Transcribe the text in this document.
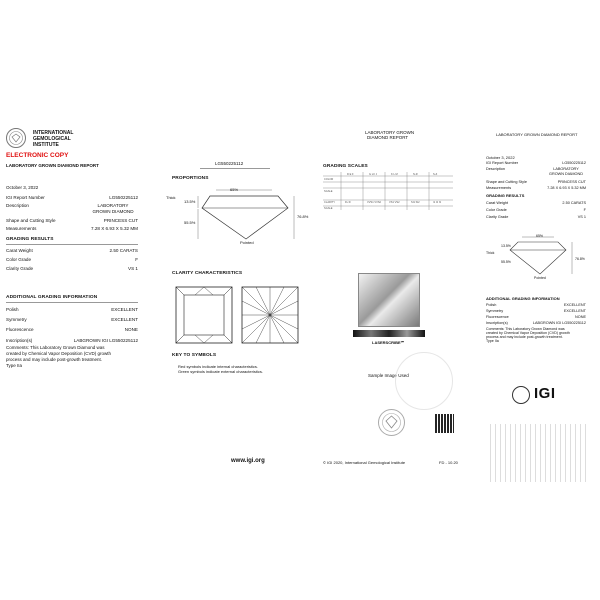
INTERNATIONAL
GEMOLOGICAL
INSTITUTE
ELECTRONIC COPY
LABORATORY GROWN DIAMOND REPORT
October 3, 2022
IGI Report Number	LG550225112
Description	LABORATORY GROWN DIAMOND
Shape and Cutting Style	PRINCESS CUT
Measurements	7.28 X 6.93 X 5.32 MM
GRADING RESULTS
Carat Weight	2.50 CARATS
Color Grade	F
Clarity Grade	VS 1
ADDITIONAL GRADING INFORMATION
Polish	EXCELLENT
Symmetry	EXCELLENT
Fluorescence	NONE
Inscription(s)	LABGROWN IGI LG550225112
Comments: This Laboratory Grown Diamond was
created by Chemical Vapor Deposition (CVD) growth
process and may include post-growth treatment.
Type IIa
LG550225112
PROPORTIONS
65%
13.5%
Thick
55.5%
76.8%
Pointed
CLARITY CHARACTERISTICS
KEY TO SYMBOLS
Red symbols indicate internal characteristics.
Green symbols indicate external characteristics.
www.igi.org
LABORATORY GROWN
DIAMOND REPORT
GRADING SCALES
COLOR
SCALE
CLARITY
SCALE
D E F	G H I J	K L M	N-R	S-Z
FL IF	VVS1 VVS2	VS1 VS2	SI1 SI2	I1 I2 I3
LASERSCRIBE℠
Sample Image Used
© IGI 2020, International Gemological Institute	FD - 10.20
LABORATORY GROWN DIAMOND REPORT
October 3, 2022
IGI Report Number	LG550225112
Description	LABORATORY GROWN DIAMOND
Shape and Cutting Style	PRINCESS CUT
Measurements	7.28 X 6.93 X 5.32 MM
GRADING RESULTS
Carat Weight	2.50 CARATS
Color Grade	F
Clarity Grade	VS 1
65%
13.5%
Thick
55.5%
76.8%
Pointed
ADDITIONAL GRADING INFORMATION
Polish	EXCELLENT
Symmetry	EXCELLENT
Fluorescence	NONE
Inscription(s)	LABGROWN IGI LG550225112
Comments: This Laboratory Grown Diamond was
created by Chemical Vapor Deposition (CVD) growth
process and may include post-growth treatment.
Type IIa
IGI
